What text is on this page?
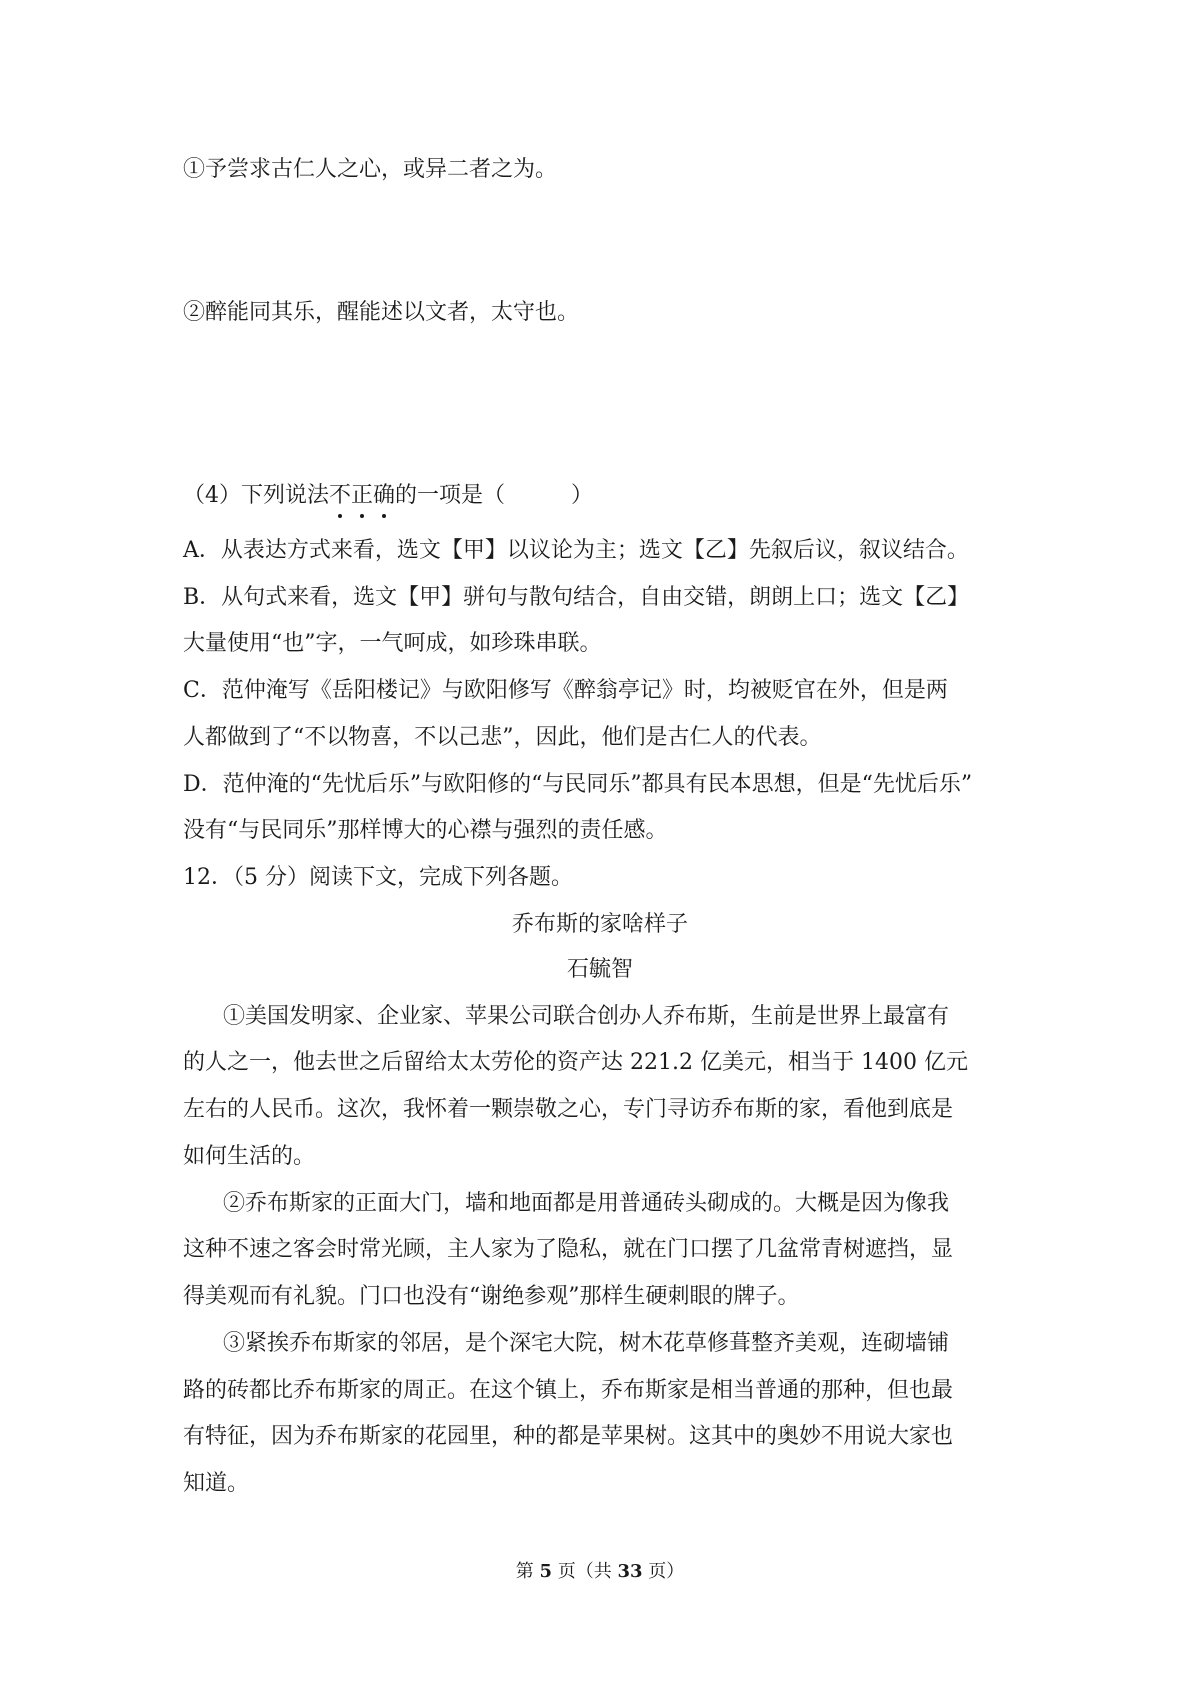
①予尝求古仁人之心，或异二者之为。
②醉能同其乐，醒能述以文者，太守也。
（4）下列说法不正确的一项是（　　　）
A．从表达方式来看，选文【甲】以议论为主；选文【乙】先叙后议，叙议结合。
B．从句式来看，选文【甲】骈句与散句结合，自由交错，朗朗上口；选文【乙】
大量使用“也”字，一气呵成，如珍珠串联。
C．范仲淹写《岳阳楼记》与欧阳修写《醉翁亭记》时，均被贬官在外，但是两
人都做到了“不以物喜，不以己悲”，因此，他们是古仁人的代表。
D．范仲淹的“先忧后乐”与欧阳修的“与民同乐”都具有民本思想，但是“先忧后乐”
没有“与民同乐”那样博大的心襟与强烈的责任感。
12．（5 分）阅读下文，完成下列各题。
乔布斯的家啥样子
石毓智
①美国发明家、企业家、苹果公司联合创办人乔布斯，生前是世界上最富有
的人之一，他去世之后留给太太劳伦的资产达 221.2 亿美元，相当于 1400 亿元
左右的人民币。这次，我怀着一颗崇敬之心，专门寻访乔布斯的家，看他到底是
如何生活的。
②乔布斯家的正面大门，墙和地面都是用普通砖头砌成的。大概是因为像我
这种不速之客会时常光顾，主人家为了隐私，就在门口摆了几盆常青树遮挡，显
得美观而有礼貌。门口也没有“谢绝参观”那样生硬刺眼的牌子。
③紧挨乔布斯家的邻居，是个深宅大院，树木花草修葺整齐美观，连砌墙铺
路的砖都比乔布斯家的周正。在这个镇上，乔布斯家是相当普通的那种，但也最
有特征，因为乔布斯家的花园里，种的都是苹果树。这其中的奥妙不用说大家也
知道。
第 5 页（共 33 页）
